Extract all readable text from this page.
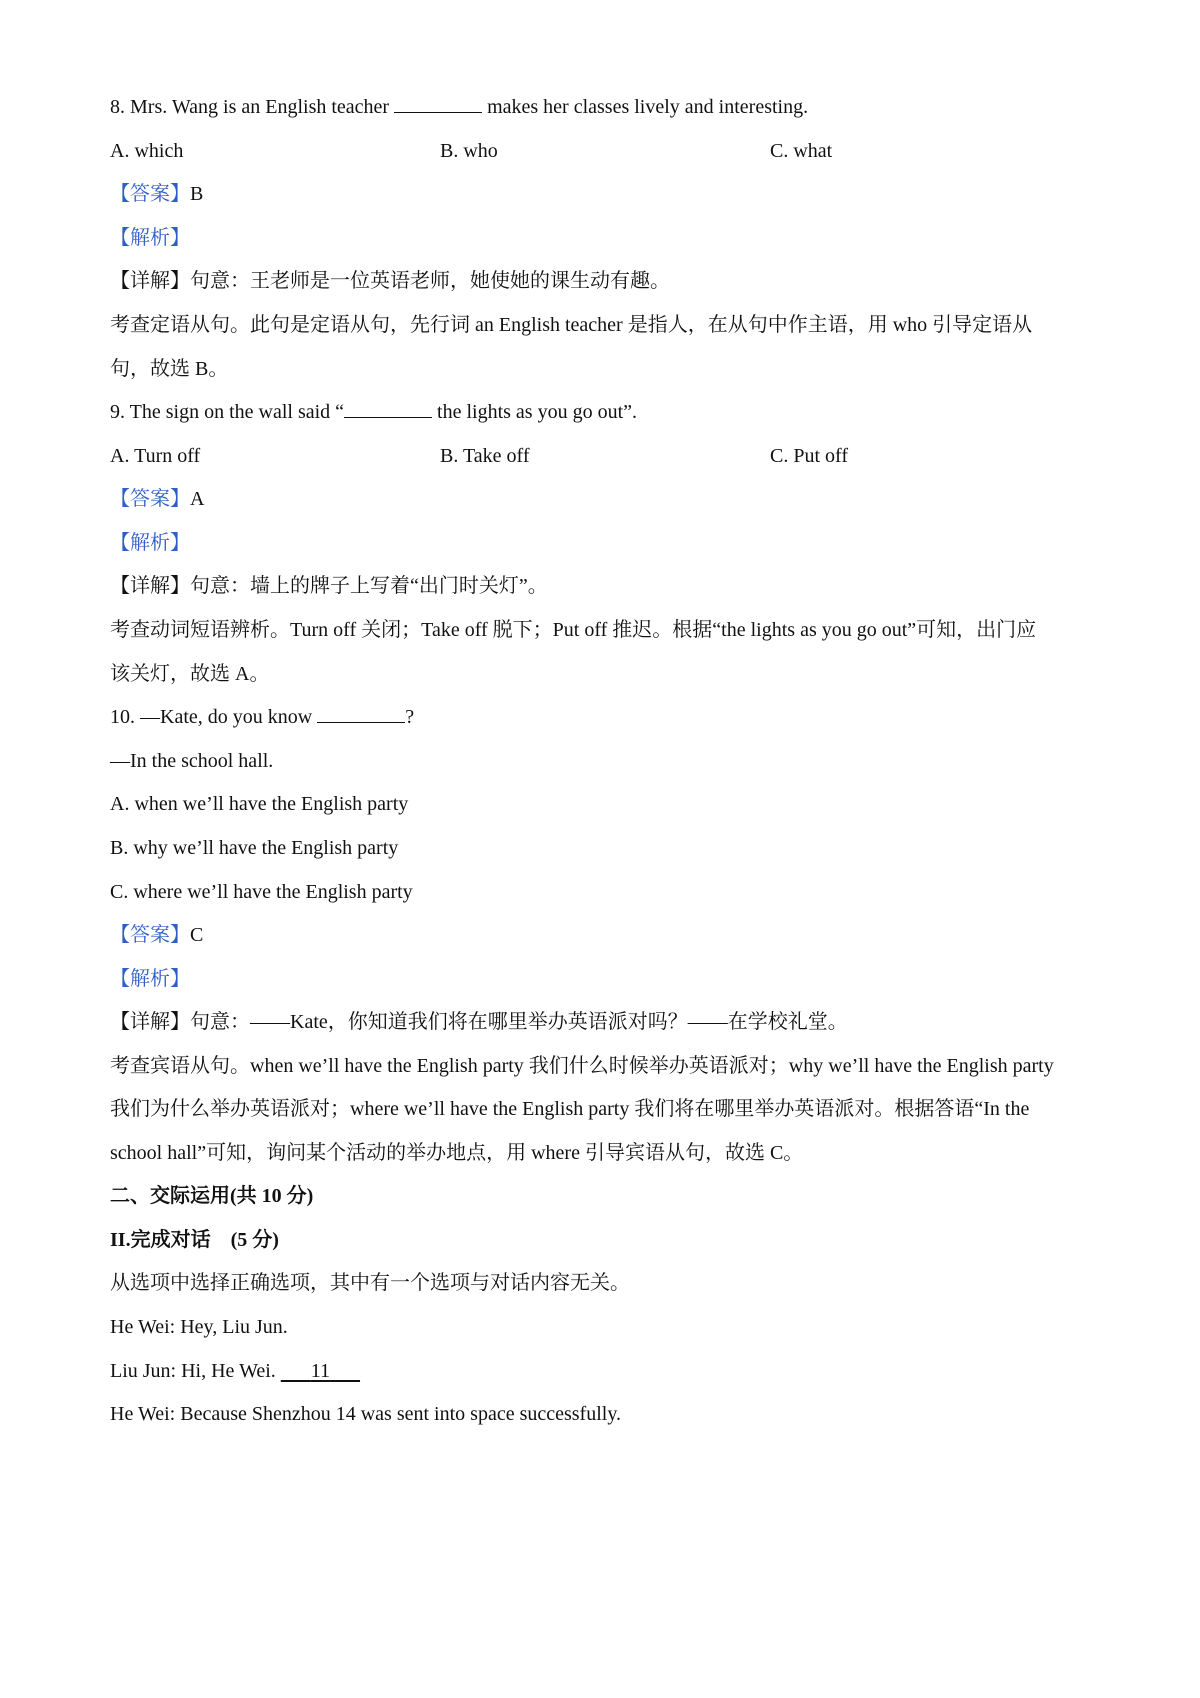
8. Mrs. Wang is an English teacher	makes her classes lively and interesting.
A. which	B. who	C. what
【答案】B
【解析】
【详解】句意：王老师是一位英语老师，她使她的课生动有趣。
考查定语从句。此句是定语从句，先行词 an English teacher 是指人，在从句中作主语，用 who 引导定语从
句，故选 B。
9. The sign on the wall said “	the lights as you go out”.
A. Turn off	B. Take off	C. Put off
【答案】A
【解析】
【详解】句意：墙上的牌子上写着“出门时关灯”。
考查动词短语辨析。Turn off 关闭；Take off 脱下；Put off 推迟。根据“the lights as you go out”可知，出门应
该关灯，故选 A。
10. —Kate, do you know	?
—In the school hall.
A. when we’ll have the English party
B. why we’ll have the English party
C. where we’ll have the English party
【答案】C
【解析】
【详解】句意：——Kate，你知道我们将在哪里举办英语派对吗？——在学校礼堂。
考查宾语从句。when we’ll have the English party 我们什么时候举办英语派对；why we’ll have the English party
我们为什么举办英语派对；where we’ll have the English party 我们将在哪里举办英语派对。根据答语“In the
school hall”可知，询问某个活动的举办地点，用 where 引导宾语从句，故选 C。
二、交际运用(共 10 分)
II.完成对话　(5 分)
从选项中选择正确选项，其中有一个选项与对话内容无关。
He Wei: Hey, Liu Jun.
Liu Jun: Hi, He Wei.   11  
He Wei: Because Shenzhou 14 was sent into space successfully.
